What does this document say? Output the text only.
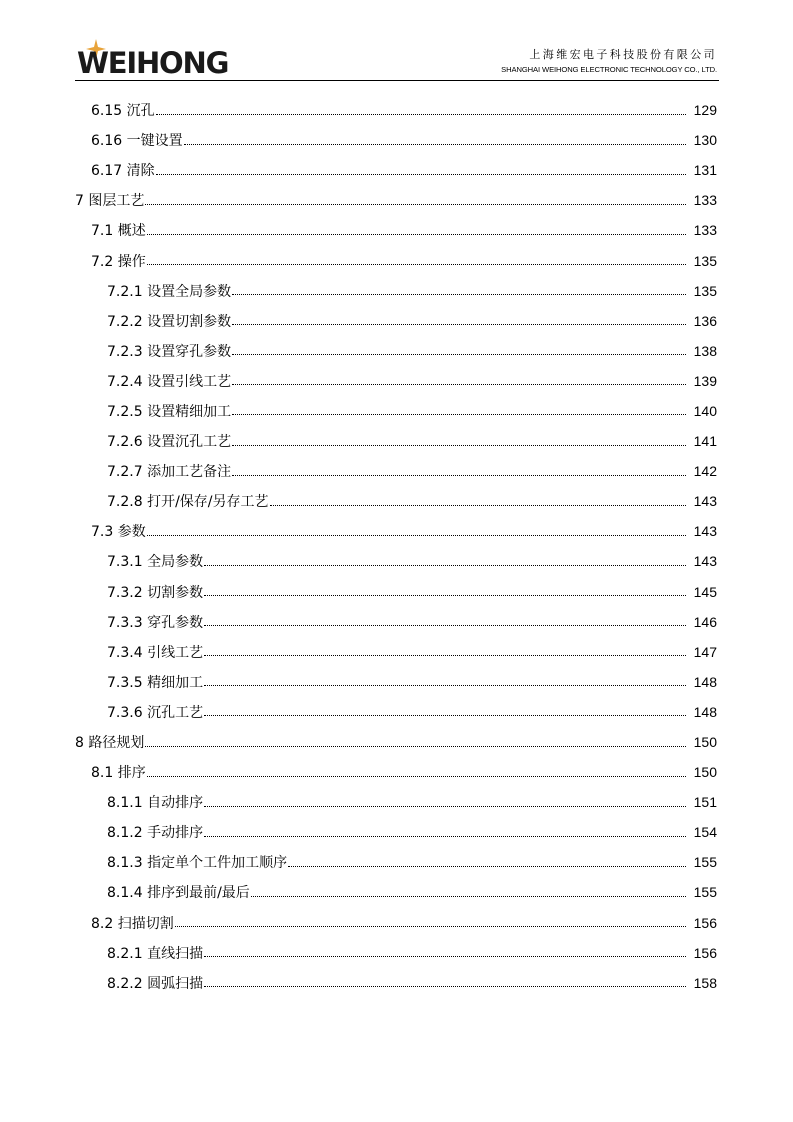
WEIHONG	上海维宏电子科技股份有限公司
SHANGHAI WEIHONG ELECTRONIC TECHNOLOGY CO., LTD.
6.15 沉孔	129
6.16 一键设置	130
6.17 清除	131
7 图层工艺	133
7.1 概述	133
7.2 操作	135
7.2.1 设置全局参数	135
7.2.2 设置切割参数	136
7.2.3 设置穿孔参数	138
7.2.4 设置引线工艺	139
7.2.5 设置精细加工	140
7.2.6 设置沉孔工艺	141
7.2.7 添加工艺备注	142
7.2.8 打开/保存/另存工艺	143
7.3 参数	143
7.3.1 全局参数	143
7.3.2 切割参数	145
7.3.3 穿孔参数	146
7.3.4 引线工艺	147
7.3.5 精细加工	148
7.3.6 沉孔工艺	148
8 路径规划	150
8.1 排序	150
8.1.1 自动排序	151
8.1.2 手动排序	154
8.1.3 指定单个工件加工顺序	155
8.1.4 排序到最前/最后	155
8.2 扫描切割	156
8.2.1 直线扫描	156
8.2.2 圆弧扫描	158
